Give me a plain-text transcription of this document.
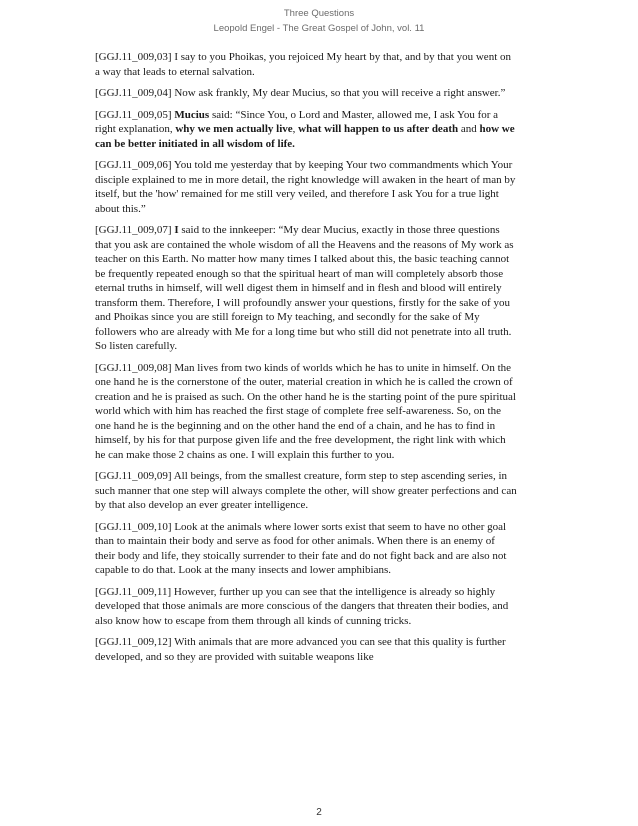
Three Questions
Leopold Engel - The Great Gospel of John, vol. 11

[GGJ.11_009,03] I say to you Phoikas, you rejoiced My heart by that, and by that you went on a way that leads to eternal salvation.

[GGJ.11_009,04] Now ask frankly, My dear Mucius, so that you will receive a right answer.”

[GGJ.11_009,05] Mucius said: “Since You, o Lord and Master, allowed me, I ask You for a right explanation, why we men actually live, what will happen to us after death and how we can be better initiated in all wisdom of life.

[GGJ.11_009,06] You told me yesterday that by keeping Your two commandments which Your disciple explained to me in more detail, the right knowledge will awaken in the heart of man by itself, but the 'how' remained for me still very veiled, and therefore I ask You for a true light about this.”

[GGJ.11_009,07] I said to the innkeeper: “My dear Mucius, exactly in those three questions that you ask are contained the whole wisdom of all the Heavens and the reasons of My work as teacher on this Earth. No matter how many times I talked about this, the basic teaching cannot be frequently repeated enough so that the spiritual heart of man will completely absorb those eternal truths in himself, will well digest them in himself and in flesh and blood will entirely transform them. Therefore, I will profoundly answer your questions, firstly for the sake of you and Phoikas since you are still foreign to My teaching, and secondly for the sake of My followers who are already with Me for a long time but who still did not penetrate into all truth. So listen carefully.

[GGJ.11_009,08] Man lives from two kinds of worlds which he has to unite in himself. On the one hand he is the cornerstone of the outer, material creation in which he is called the crown of creation and he is praised as such. On the other hand he is the starting point of the pure spiritual world which with him has reached the first stage of complete free self-awareness. So, on the one hand he is the beginning and on the other hand the end of a chain, and he has to find in himself, by his for that purpose given life and the free development, the right link with which he can make those 2 chains as one. I will explain this further to you.

[GGJ.11_009,09] All beings, from the smallest creature, form step to step ascending series, in such manner that one step will always complete the other, will show greater perfections and can by that also develop an ever greater intelligence.

[GGJ.11_009,10] Look at the animals where lower sorts exist that seem to have no other goal than to maintain their body and serve as food for other animals. When there is an enemy of their body and life, they stoically surrender to their fate and do not fight back and are also not capable to do that. Look at the many insects and lower amphibians.

[GGJ.11_009,11] However, further up you can see that the intelligence is already so highly developed that those animals are more conscious of the dangers that threaten their bodies, and also know how to escape from them through all kinds of cunning tricks.

[GGJ.11_009,12] With animals that are more advanced you can see that this quality is further developed, and so they are provided with suitable weapons like

2
